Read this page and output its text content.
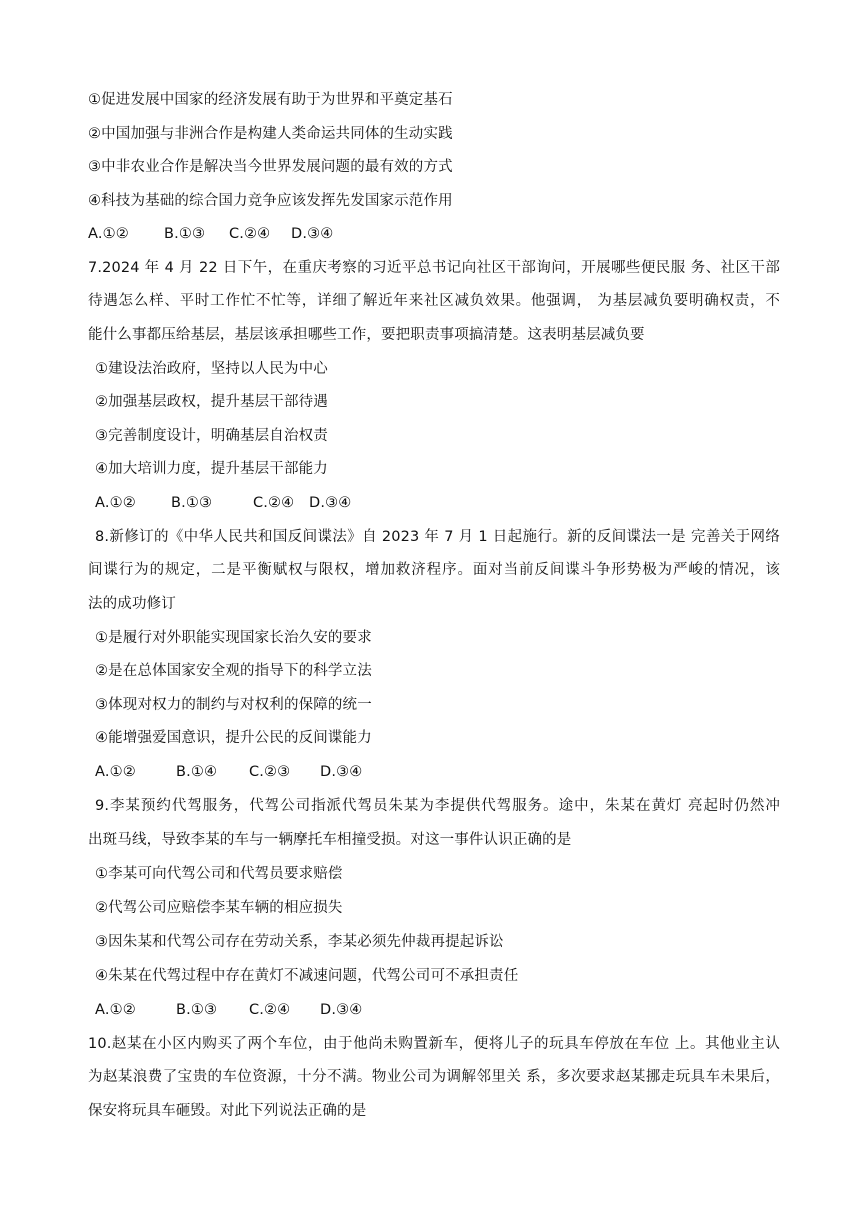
①促进发展中国家的经济发展有助于为世界和平奠定基石
②中国加强与非洲合作是构建人类命运共同体的生动实践
③中非农业合作是解决当今世界发展问题的最有效的方式
④科技为基础的综合国力竞争应该发挥先发国家示范作用
A.①② B.①③ C.②④ D.③④
7.2024 年 4 月 22 日下午，在重庆考察的习近平总书记向社区干部询问，开展哪些便民服 务、社区干部
待遇怎么样、平时工作忙不忙等，详细了解近年来社区减负效果。他强调， 为基层减负要明确权责，不
能什么事都压给基层，基层该承担哪些工作，要把职责事项搞清楚。这表明基层减负要
①建设法治政府，坚持以人民为中心
②加强基层政权，提升基层干部待遇
③完善制度设计，明确基层自治权责
④加大培训力度，提升基层干部能力
A.①② B.①③	C.②④ D.③④
8.新修订的《中华人民共和国反间谍法》自 2023 年 7 月 1 日起施行。新的反间谍法一是 完善关于网络
间谍行为的规定，二是平衡赋权与限权，增加救济程序。面对当前反间谍斗争形势极为严峻的情况，该
法的成功修订
①是履行对外职能实现国家长治久安的要求
②是在总体国家安全观的指导下的科学立法
③体现对权力的制约与对权利的保障的统一
④能增强爱国意识，提升公民的反间谍能力
A.①②	B.①④ C.②③ D.③④
9.李某预约代驾服务，代驾公司指派代驾员朱某为李提供代驾服务。途中，朱某在黄灯 亮起时仍然冲
出斑马线，导致李某的车与一辆摩托车相撞受损。对这一事件认识正确的是
①李某可向代驾公司和代驾员要求赔偿
②代驾公司应赔偿李某车辆的相应损失
③因朱某和代驾公司存在劳动关系，李某必须先仲裁再提起诉讼
④朱某在代驾过程中存在黄灯不减速问题，代驾公司可不承担责任
A.①②	B.①③ C.②④ D.③④
10.赵某在小区内购买了两个车位，由于他尚未购置新车，便将儿子的玩具车停放在车位 上。其他业主认
为赵某浪费了宝贵的车位资源，十分不满。物业公司为调解邻里关 系，多次要求赵某挪走玩具车未果后，
保安将玩具车砸毁。对此下列说法正确的是
